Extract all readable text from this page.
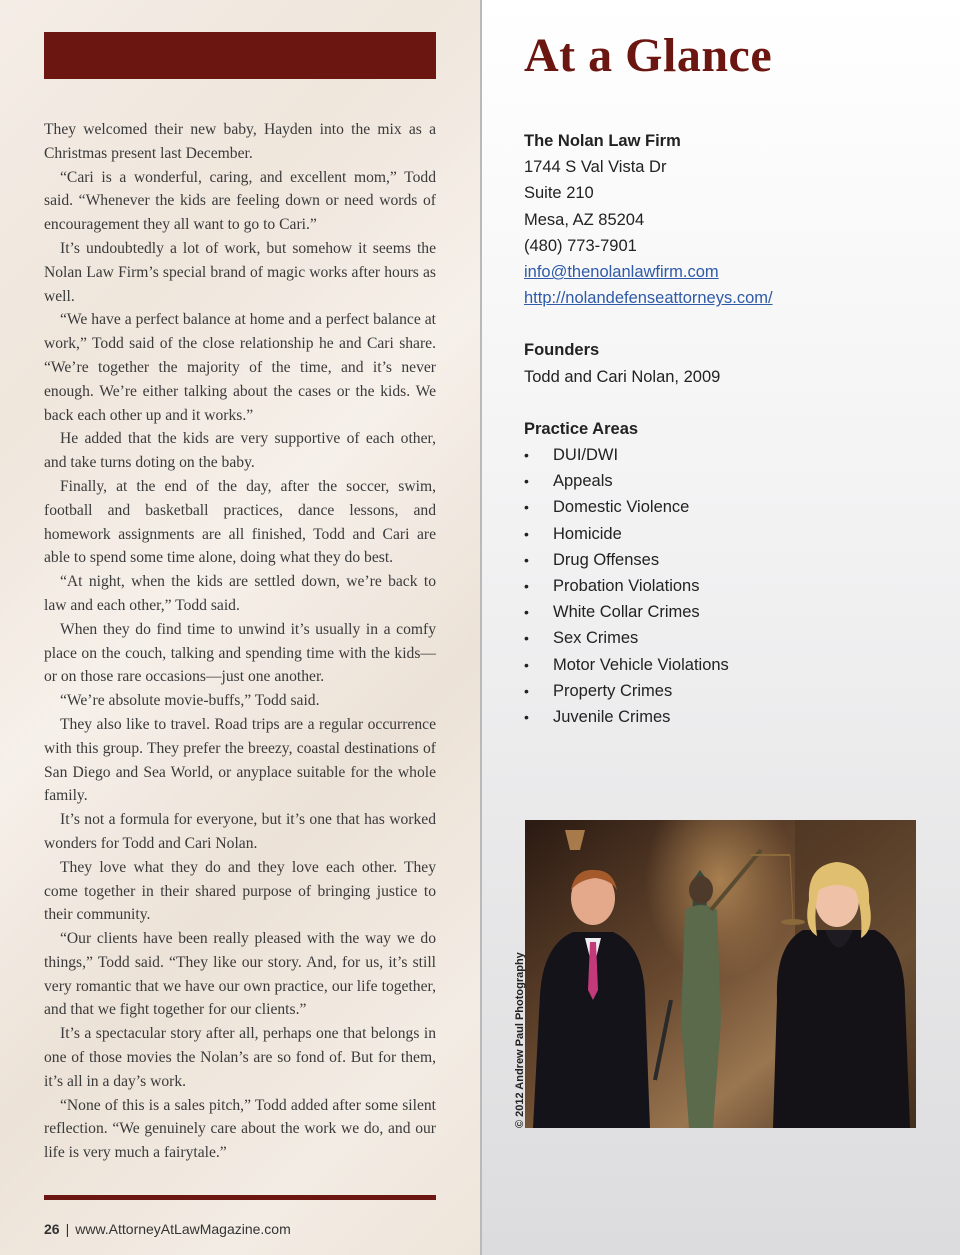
They welcomed their new baby, Hayden into the mix as a Christmas present last December.

“Cari is a wonderful, caring, and excellent mom,” Todd said. “Whenever the kids are feeling down or need words of encouragement they all want to go to Cari.”

It’s undoubtedly a lot of work, but somehow it seems the Nolan Law Firm’s special brand of magic works after hours as well.

“We have a perfect balance at home and a perfect balance at work,” Todd said of the close relationship he and Cari share. “We’re together the majority of the time, and it’s never enough. We’re either talking about the cases or the kids. We back each other up and it works.”

He added that the kids are very supportive of each other, and take turns doting on the baby.

Finally, at the end of the day, after the soccer, swim, football and basketball practices, dance lessons, and homework assignments are all finished, Todd and Cari are able to spend some time alone, doing what they do best.

“At night, when the kids are settled down, we’re back to law and each other,” Todd said.

When they do find time to unwind it’s usually in a comfy place on the couch, talking and spending time with the kids—or on those rare occasions—just one another.

“We’re absolute movie-buffs,” Todd said.

They also like to travel. Road trips are a regular occurrence with this group. They prefer the breezy, coastal destinations of San Diego and Sea World, or anyplace suitable for the whole family.

It’s not a formula for everyone, but it’s one that has worked wonders for Todd and Cari Nolan.

They love what they do and they love each other. They come together in their shared purpose of bringing justice to their community.

“Our clients have been really pleased with the way we do things,” Todd said. “They like our story. And, for us, it’s still very romantic that we have our own practice, our life together, and that we fight together for our clients.”

It’s a spectacular story after all, perhaps one that belongs in one of those movies the Nolan’s are so fond of. But for them, it’s all in a day’s work.

“None of this is a sales pitch,” Todd added after some silent reflection. “We genuinely care about the work we do, and our life is very much a fairytale.”

26 | www.AttorneyAtLawMagazine.com
At a Glance
The Nolan Law Firm
1744 S Val Vista Dr
Suite 210
Mesa, AZ 85204
(480) 773-7901
info@thenolanlawfirm.com
http://nolandefenseattorneys.com/
Founders
Todd and Cari Nolan, 2009
Practice Areas
• DUI/DWI
• Appeals
• Domestic Violence
• Homicide
• Drug Offenses
• Probation Violations
• White Collar Crimes
• Sex Crimes
• Motor Vehicle Violations
• Property Crimes
• Juvenile Crimes
© 2012 Andrew Paul Photography
